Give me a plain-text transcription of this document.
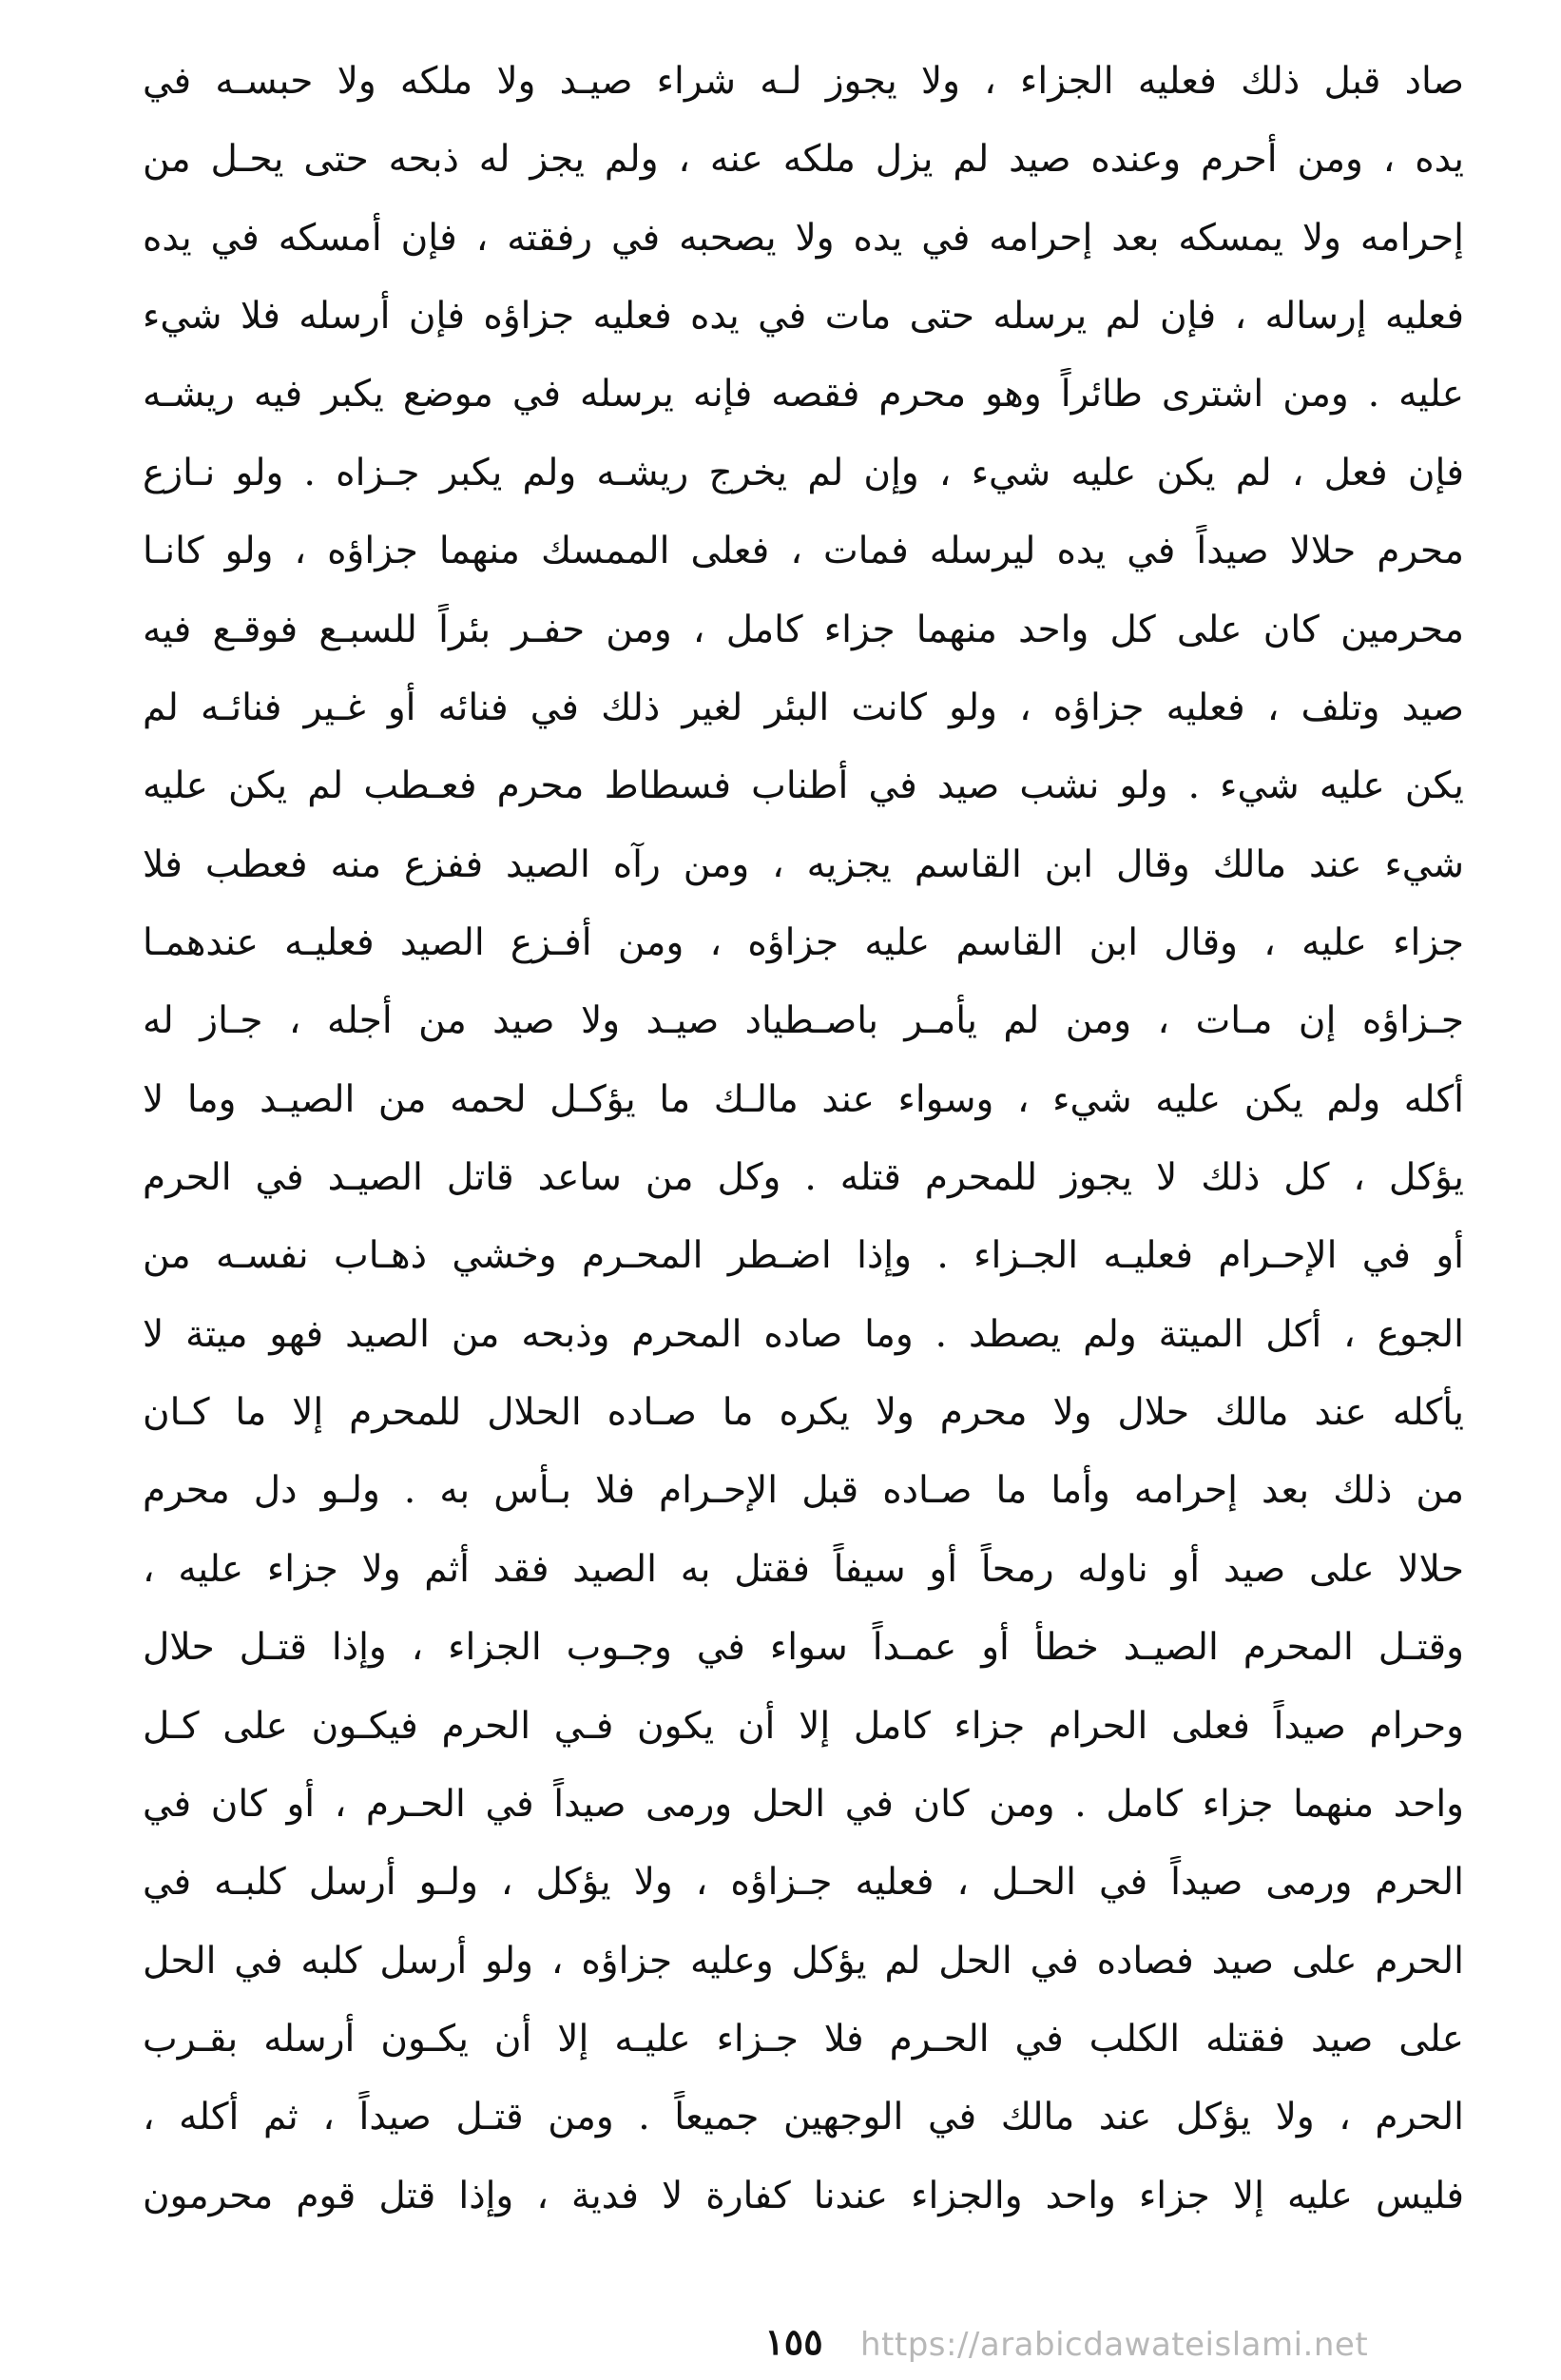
صاد قبل ذلك فعليه الجزاء ، ولا يجوز لـه شراء صيـد ولا ملكه ولا حبسـه في
يده ، ومن أحرم وعنده صيد لم يزل ملكه عنه ، ولم يجز له ذبحه حتى يحـل من
إحرامه ولا يمسكه بعد إحرامه في يده ولا يصحبه في رفقته ، فإن أمسكه في يده
فعليه إرساله ، فإن لم يرسله حتى مات في يده فعليه جزاؤه فإن أرسله فلا شيء
عليه . ومن اشترى طائراً وهو محرم فقصه فإنه يرسله في موضع يكبر فيه ريشـه
فإن فعل ، لم يكن عليه شيء ، وإن لم يخرج ريشـه ولم يكبر جـزاه . ولو نـازع
محرم حلالا صيداً في يده ليرسله فمات ، فعلى الممسك منهما جزاؤه ، ولو كانـا
محرمين كان على كل واحد منهما جزاء كامل ، ومن حفـر بئراً للسبـع فوقـع فيه
صيد وتلف ، فعليه جزاؤه ، ولو كانت البئر لغير ذلك في فنائه أو غـير فنائـه لم
يكن عليه شيء . ولو نشب صيد في أطناب فسطاط محرم فعـطب لم يكن عليه
شيء عند مالك وقال ابن القاسم يجزيه ، ومن رآه الصيد ففزع منه فعطب فلا
جزاء عليه ، وقال ابن القاسم عليه جزاؤه ، ومن أفـزع الصيد فعليـه عندهمـا
جـزاؤه إن مـات ، ومن لم يأمـر باصـطياد صيـد ولا صيد من أجله ، جـاز له
أكله ولم يكن عليه شيء ، وسواء عند مالـك ما يؤكـل لحمه من الصيـد وما لا
يؤكل ، كل ذلك لا يجوز للمحرم قتله . وكل من ساعد قاتل الصيـد في الحرم
أو في الإحـرام فعليـه الجـزاء . وإذا اضـطر المحـرم وخشي ذهـاب نفسـه من
الجوع ، أكل الميتة ولم يصطد . وما صاده المحرم وذبحه من الصيد فهو ميتة لا
يأكله عند مالك حلال ولا محرم ولا يكره ما صـاده الحلال للمحرم إلا ما كـان
من ذلك بعد إحرامه وأما ما صـاده قبل الإحـرام فلا بـأس به . ولـو دل محرم
حلالا على صيد أو ناوله رمحاً أو سيفاً فقتل به الصيد فقد أثم ولا جزاء عليه ،
وقتـل المحرم الصيـد خطأ أو عمـداً سواء في وجـوب الجزاء ، وإذا قتـل حلال
وحرام صيداً فعلى الحرام جزاء كامل إلا أن يكون فـي الحرم فيكـون على كـل
واحد منهما جزاء كامل . ومن كان في الحل ورمى صيداً في الحـرم ، أو كان في
الحرم ورمى صيداً في الحـل ، فعليه جـزاؤه ، ولا يؤكل ، ولـو أرسل كلبـه في
الحرم على صيد فصاده في الحل لم يؤكل وعليه جزاؤه ، ولو أرسل كلبه في الحل
على صيد فقتله الكلب في الحـرم فلا جـزاء عليـه إلا أن يكـون أرسله بقـرب
الحرم ، ولا يؤكل عند مالك في الوجهين جميعاً . ومن قتـل صيداً ، ثم أكله ،
فليس عليه إلا جزاء واحد والجزاء عندنا كفارة لا فدية ، وإذا قتل قوم محرمون
١٥٥	https://arabicdawateislami.net
